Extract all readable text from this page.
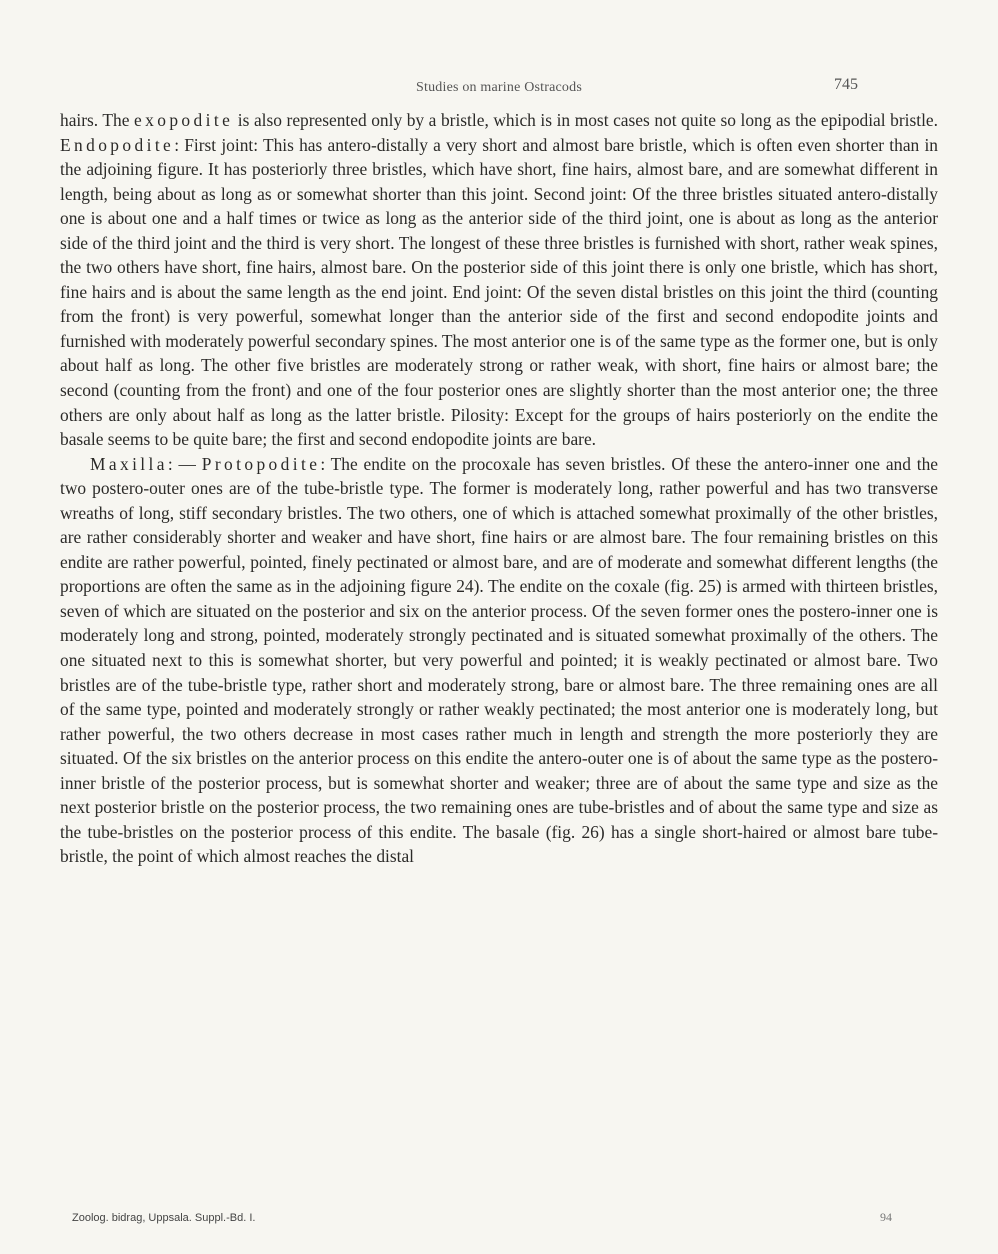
Studies on marine Ostracods	745

hairs. The exopodite is also represented only by a bristle, which is in most cases not quite so long as the epipodial bristle. Endopodite: First joint: This has antero-distally a very short and almost bare bristle, which is often even shorter than in the adjoining figure. It has posteriorly three bristles, which have short, fine hairs, almost bare, and are somewhat different in length, being about as long as or somewhat shorter than this joint. Second joint: Of the three bristles situated antero-distally one is about one and a half times or twice as long as the anterior side of the third joint, one is about as long as the anterior side of the third joint and the third is very short. The longest of these three bristles is furnished with short, rather weak spines, the two others have short, fine hairs, almost bare. On the posterior side of this joint there is only one bristle, which has short, fine hairs and is about the same length as the end joint. End joint: Of the seven distal bristles on this joint the third (counting from the front) is very powerful, somewhat longer than the anterior side of the first and second endopodite joints and furnished with moderately powerful secondary spines. The most anterior one is of the same type as the former one, but is only about half as long. The other five bristles are moderately strong or rather weak, with short, fine hairs or almost bare; the second (counting from the front) and one of the four posterior ones are slightly shorter than the most anterior one; the three others are only about half as long as the latter bristle. Pilosity: Except for the groups of hairs posteriorly on the endite the basale seems to be quite bare; the first and second endopodite joints are bare.

Maxilla: — Protopodite: The endite on the procoxale has seven bristles. Of these the antero-inner one and the two postero-outer ones are of the tube-bristle type. The former is moderately long, rather powerful and has two transverse wreaths of long, stiff secondary bristles. The two others, one of which is attached somewhat proximally of the other bristles, are rather considerably shorter and weaker and have short, fine hairs or are almost bare. The four remaining bristles on this endite are rather powerful, pointed, finely pectinated or almost bare, and are of moderate and somewhat different lengths (the proportions are often the same as in the adjoining figure 24). The endite on the coxale (fig. 25) is armed with thirteen bristles, seven of which are situated on the posterior and six on the anterior process. Of the seven former ones the postero-inner one is moderately long and strong, pointed, moderately strongly pectinated and is situated somewhat proximally of the others. The one situated next to this is somewhat shorter, but very powerful and pointed; it is weakly pectinated or almost bare. Two bristles are of the tube-bristle type, rather short and moderately strong, bare or almost bare. The three remaining ones are all of the same type, pointed and moderately strongly or rather weakly pectinated; the most anterior one is moderately long, but rather powerful, the two others decrease in most cases rather much in length and strength the more posteriorly they are situated. Of the six bristles on the anterior process on this endite the antero-outer one is of about the same type as the postero-inner bristle of the posterior process, but is somewhat shorter and weaker; three are of about the same type and size as the next posterior bristle on the posterior process, the two remaining ones are tube-bristles and of about the same type and size as the tube-bristles on the posterior process of this endite. The basale (fig. 26) has a single short-haired or almost bare tube-bristle, the point of which almost reaches the distal

Zoolog. bidrag, Uppsala. Suppl.-Bd. I.	94
